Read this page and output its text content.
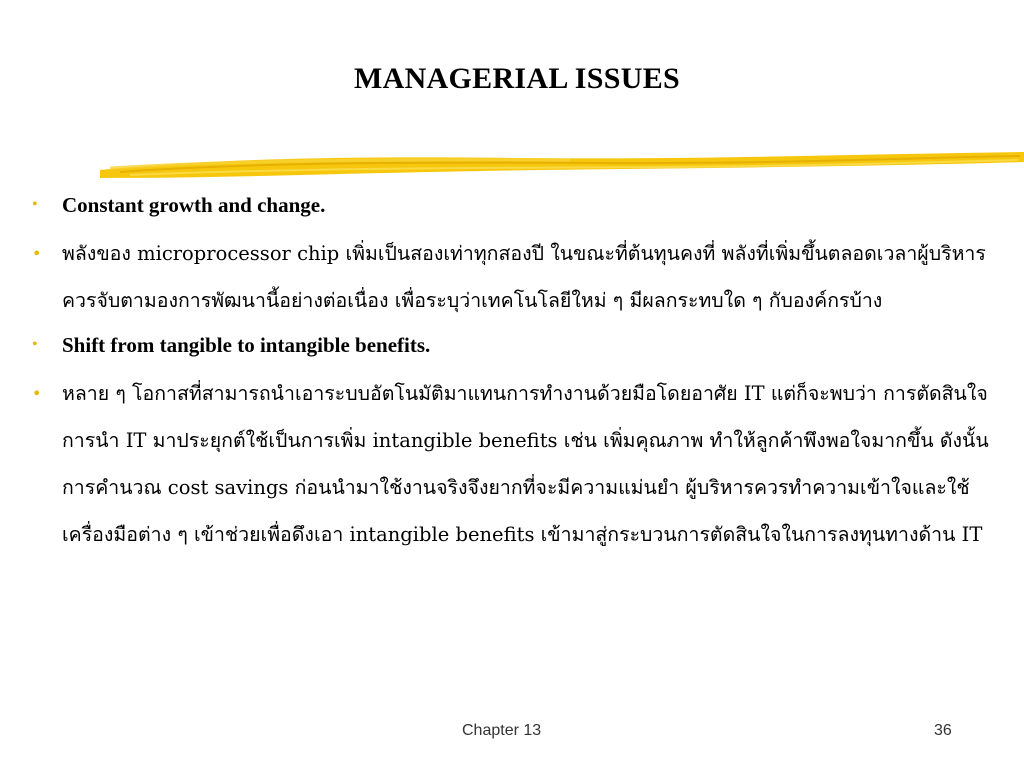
MANAGERIAL ISSUES
• Constant growth and change.
• พลังของ microprocessor chip เพิ่มเป็นสองเท่าทุกสองปี ในขณะที่ต้นทุนคงที่ พลังที่เพิ่มขึ้นตลอดเวลาผู้บริหารควรจับตามองการพัฒนานี้อย่างต่อเนื่อง เพื่อระบุว่าเทคโนโลยีใหม่ ๆ มีผลกระทบใด ๆ กับองค์กรบ้าง
• Shift from tangible to intangible benefits.
• หลาย ๆ โอกาสที่สามารถนำเอาระบบอัตโนมัติมาแทนการทำงานด้วยมือโดยอาศัย IT แต่ก็จะพบว่า การตัดสินใจการนำ IT มาประยุกต์ใช้เป็นการเพิ่ม intangible benefits เช่น เพิ่มคุณภาพ ทำให้ลูกค้าพึงพอใจมากขึ้น ดังนั้นการคำนวณ cost savings ก่อนนำมาใช้งานจริงจึงยากที่จะมีความแม่นยำ ผู้บริหารควรทำความเข้าใจและใช้เครื่องมือต่าง ๆ เข้าช่วยเพื่อดึงเอา intangible benefits เข้ามาสู่กระบวนการตัดสินใจในการลงทุนทางด้าน IT
Chapter 13	36
